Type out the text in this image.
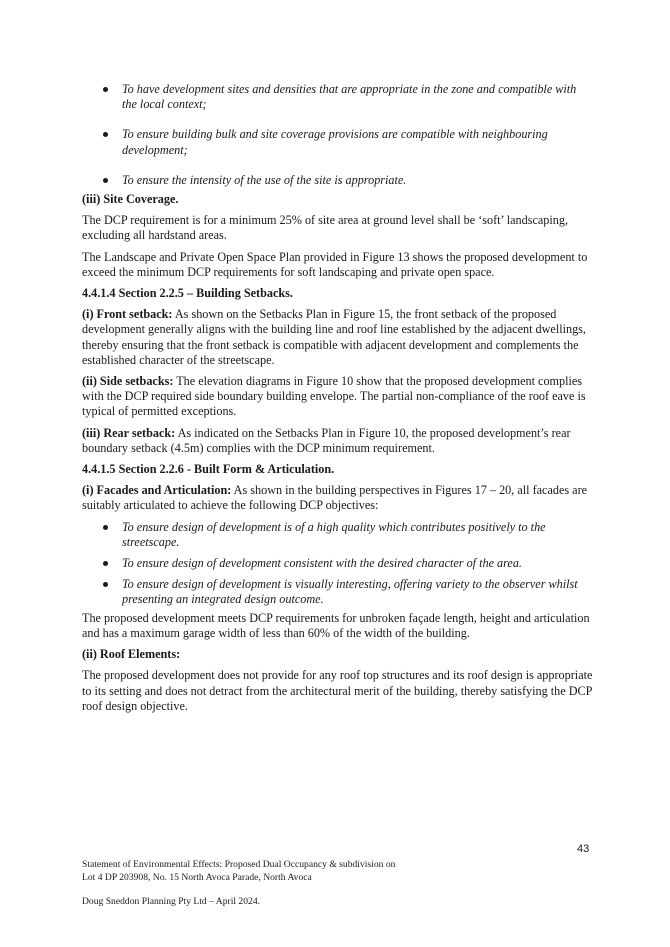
To have development sites and densities that are appropriate in the zone and compatible with the local context;
To ensure building bulk and site coverage provisions are compatible with neighbouring development;
To ensure the intensity of the use of the site is appropriate.
(iii) Site Coverage.

The DCP requirement is for a minimum 25% of site area at ground level shall be ‘soft’ landscaping, excluding all hardstand areas.

The Landscape and Private Open Space Plan provided in Figure 13 shows the proposed development to exceed the minimum DCP requirements for soft landscaping and private open space.

4.4.1.4 Section 2.2.5 – Building Setbacks.

(i) Front setback: As shown on the Setbacks Plan in Figure 15, the front setback of the proposed development generally aligns with the building line and roof line established by the adjacent dwellings, thereby ensuring that the front setback is compatible with adjacent development and complements the established character of the streetscape.

(ii) Side setbacks: The elevation diagrams in Figure 10 show that the proposed development complies with the DCP required side boundary building envelope. The partial non-compliance of the roof eave is typical of permitted exceptions.

(iii) Rear setback: As indicated on the Setbacks Plan in Figure 10, the proposed development’s rear boundary setback (4.5m) complies with the DCP minimum requirement.

4.4.1.5 Section 2.2.6 - Built Form & Articulation.

(i) Facades and Articulation: As shown in the building perspectives in Figures 17 – 20, all facades are suitably articulated to achieve the following DCP objectives:

To ensure design of development is of a high quality which contributes positively to the streetscape.
To ensure design of development consistent with the desired character of the area.
To ensure design of development is visually interesting, offering variety to the observer whilst presenting an integrated design outcome.

The proposed development meets DCP requirements for unbroken façade length, height and articulation and has a maximum garage width of less than 60% of the width of the building.

(ii) Roof Elements:

The proposed development does not provide for any roof top structures and its roof design is appropriate to its setting and does not detract from the architectural merit of the building, thereby satisfying the DCP roof design objective.

43
Statement of Environmental Effects: Proposed Dual Occupancy & subdivision on
Lot 4 DP 203908, No. 15 North Avoca Parade, North Avoca
Doug Sneddon Planning Pty Ltd – April 2024.
